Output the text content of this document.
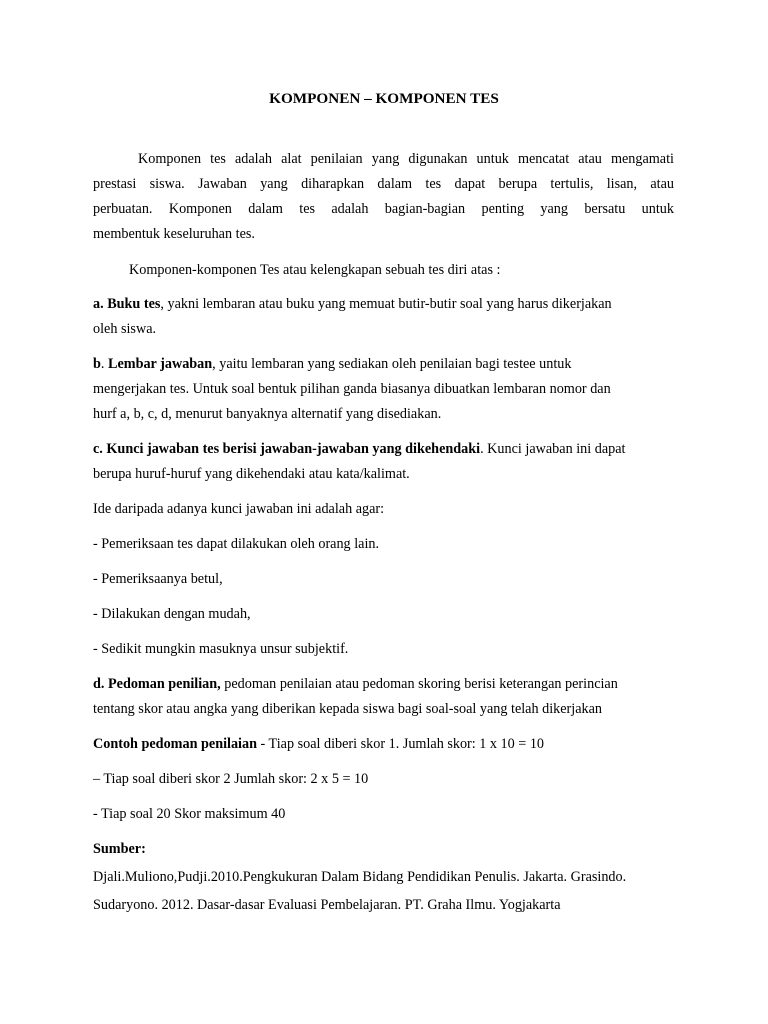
KOMPONEN – KOMPONEN TES
Komponen tes adalah alat penilaian yang digunakan untuk mencatat atau mengamati
prestasi siswa. Jawaban yang diharapkan dalam tes dapat berupa tertulis, lisan, atau
perbuatan. Komponen dalam tes adalah bagian-bagian penting yang bersatu untuk
membentuk keseluruhan tes.
Komponen-komponen Tes atau kelengkapan sebuah tes diri atas :
a. Buku tes, yakni lembaran atau buku yang memuat butir-butir soal yang harus dikerjakan
oleh siswa.
b. Lembar jawaban, yaitu lembaran yang sediakan oleh penilaian bagi testee untuk
mengerjakan tes. Untuk soal bentuk pilihan ganda biasanya dibuatkan lembaran nomor dan
hurf a, b, c, d, menurut banyaknya alternatif yang disediakan.
c. Kunci jawaban tes berisi jawaban-jawaban yang dikehendaki. Kunci jawaban ini dapat
berupa huruf-huruf yang dikehendaki atau kata/kalimat.
Ide daripada adanya kunci jawaban ini adalah agar:
- Pemeriksaan tes dapat dilakukan oleh orang lain.
- Pemeriksaanya betul,
- Dilakukan dengan mudah,
- Sedikit mungkin masuknya unsur subjektif.
d. Pedoman penilian, pedoman penilaian atau pedoman skoring berisi keterangan perincian
tentang skor atau angka yang diberikan kepada siswa bagi soal-soal yang telah dikerjakan
Contoh pedoman penilaian - Tiap soal diberi skor 1. Jumlah skor: 1 x 10 = 10
– Tiap soal diberi skor 2 Jumlah skor: 2 x 5 = 10
- Tiap soal 20 Skor maksimum 40
Sumber:
Djali.Muliono,Pudji.2010.Pengkukuran Dalam Bidang Pendidikan Penulis. Jakarta. Grasindo.
Sudaryono. 2012. Dasar-dasar Evaluasi Pembelajaran. PT. Graha Ilmu. Yogjakarta
